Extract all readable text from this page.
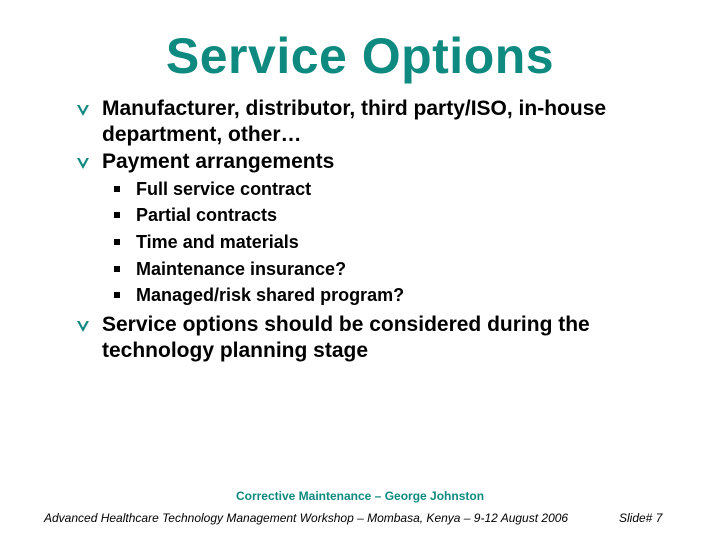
Service Options
Manufacturer, distributor, third party/ISO, in-house department, other…
Payment arrangements
Full service contract
Partial contracts
Time and materials
Maintenance insurance?
Managed/risk shared program?
Service options should be considered during the technology planning stage
Corrective Maintenance – George Johnston
Advanced Healthcare Technology Management Workshop – Mombasa, Kenya – 9-12 August 2006	Slide# 7
